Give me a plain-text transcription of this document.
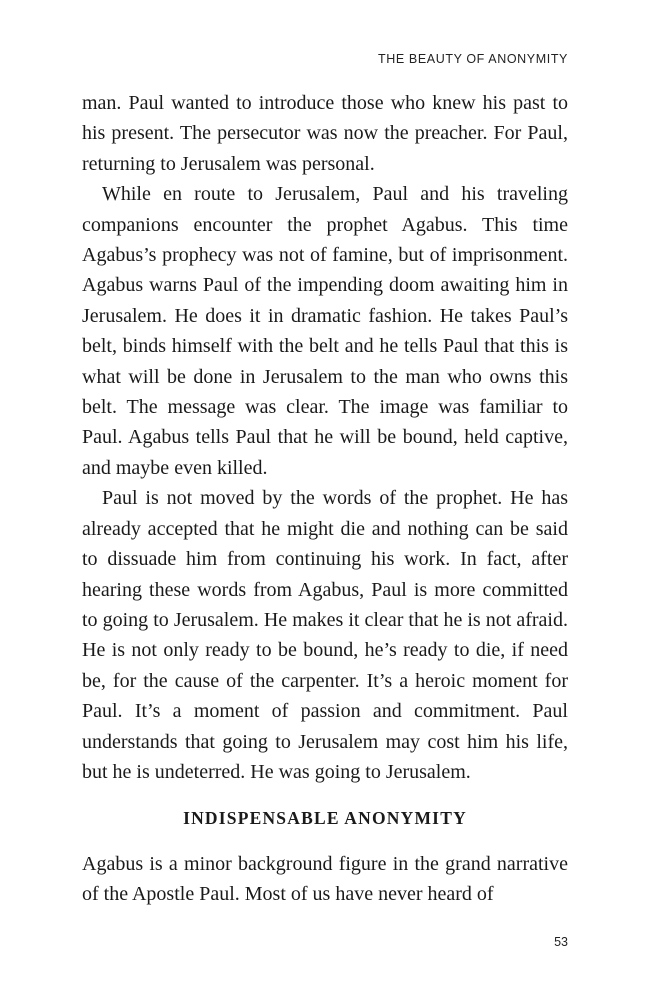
THE BEAUTY OF ANONYMITY

man. Paul wanted to introduce those who knew his past to his present. The persecutor was now the preacher. For Paul, returning to Jerusalem was personal.

While en route to Jerusalem, Paul and his traveling companions encounter the prophet Agabus. This time Agabus’s prophecy was not of famine, but of imprisonment. Agabus warns Paul of the impending doom awaiting him in Jerusalem. He does it in dramatic fashion. He takes Paul’s belt, binds himself with the belt and he tells Paul that this is what will be done in Jerusalem to the man who owns this belt. The message was clear. The image was familiar to Paul. Agabus tells Paul that he will be bound, held captive, and maybe even killed.

Paul is not moved by the words of the prophet. He has already accepted that he might die and nothing can be said to dissuade him from continuing his work. In fact, after hearing these words from Agabus, Paul is more committed to going to Jerusalem. He makes it clear that he is not afraid. He is not only ready to be bound, he’s ready to die, if need be, for the cause of the carpenter. It’s a heroic moment for Paul. It’s a moment of passion and commitment. Paul understands that going to Jerusalem may cost him his life, but he is undeterred. He was going to Jerusalem.

INDISPENSABLE ANONYMITY

Agabus is a minor background figure in the grand narrative of the Apostle Paul. Most of us have never heard of

53
